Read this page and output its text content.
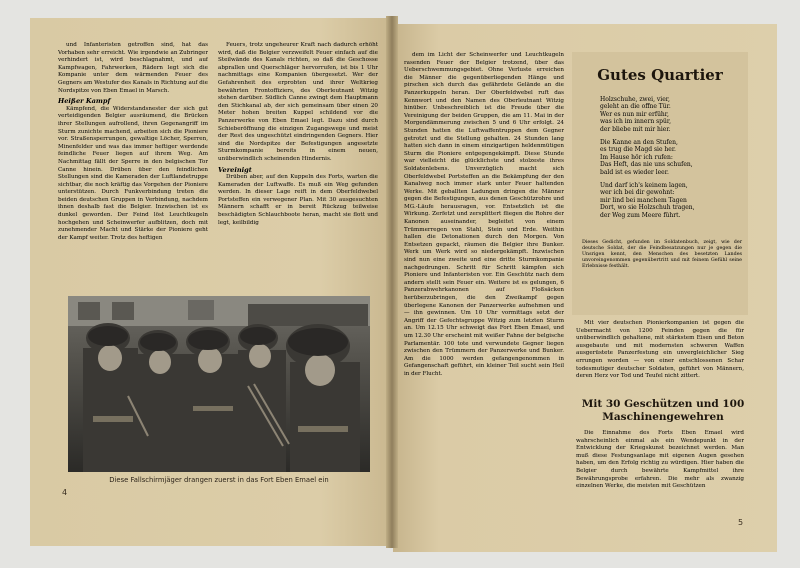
und Infanteristen getroffen sind, hat das Vorhaben sehr erreicht. Wie irgendwie an Zubringer verhindert ist, wird beschlagnahmt, und auf Kampfwagen, Fahrwerken, Rädern legt sich die Kompanie unter dem wärmenden Feuer des Gegners am Westufer des Kanals in Richtung auf die Nordspitze von Eben Emael in Marsch.

Heißer Kampf

Kämpfend, die Widerstandsnester der sich gut verteidigenden Belgier ausräumend, die Brücken ihrer Stellungen aufrollend, ihren Gegenangriff im Sturm zunichte machend, arbeiten sich die Pioniere vor. Straßensperrungen, gewaltige Löcher, Sperren, Minenfelder und was das immer heftiger werdende feindliche Feuer liegen auf ihrem Weg. Am Nachmittag fällt der Sperre in den belgischen Tor Canne hinein. Drüben über den feindlichen Stellungen sind die Kameraden der Luftlandetruppe sichtbar, die noch kräftig das Vorgehen der Pioniere unterstützen. Durch Funkverbindung treten die beiden deutschen Gruppen in Verbindung, nachdem ihnen deshalb fast die Belgier. Inzwischen ist es dunkel geworden. Der Feind löst Leuchtkugeln hochgehen und Scheinwerfer aufblitzen, doch mit zunehmender Macht und Stärke der Pioniere geht der Kampf weiter. Trotz des heftigen

Feuers, trotz ungeheurer Kraft nach dadurch erhöht wird, daß die Belgier verzweifelt Feuer einfach auf die Steilwände des Kanals richten, so daß die Geschosse abprallen und Querschläger hervorrufen, ist bis 1 Uhr nachmittags eine Kompanien übergesetzt. Wer der Gefahrenheit des erprobten und ihrer Weltkrieg bewährten Frontoffiziers, des Oberleutnant Witzig stehen darüber. Südlich Canne zwingt dem Hauptmann den Stichkanal ab, der sich gemeinsam über einen 20 Meter hohen breiten Kuppel schildend vor die Panzerwerke von Eben Emael legt. Dazu sind durch Schieberöffnung die einzigen Zugangswege und meist der Rest des ungeschützt eindringenden Gegners. Hier sind die Nordspitze der Befestigungen angesetzte Sturmkompanie bereits in einem neuen, unüberwindlich scheinenden Hindernis.

Vereinigt

Drüben aber, auf den Kuppeln des Forts, warten die Kameraden der Luftwaffe. Es muß ein Weg gefunden werden. In dieser Lage reift in dem Oberfeldwebel Portsteffen ein verwegener Plan. Mit 30 ausgesuchten Männern schafft er in bereit Rückzug teilweise beschädigten Schlauchboote heran, macht sie flott und legt, keilbildig

Diese Fallschirmjäger drangen zuerst in das Fort Eben Emael ein
4

dem im Licht der Scheinwerfer und Leuchtkugeln rasenden Feuer der Belgier trotzend, über das Ueberschwemmungsgebiet. Ohne Verluste erreichen die Männer die gegenüberliegenden Hänge und pirschen sich durch das gefährdete Gelände an die Panzerkuppeln heran. Der Oberfeldwebel ruft das Kennwort und den Namen des Oberleutnant Witzig hinüber. Unbeschreiblich ist die Freude über die Vereinigung der beiden Gruppen, die am 11. Mai in der Morgendämmerung zwischen 5 und 6 Uhr erfolgt. 24 Stunden hatten die Luftwaffentruppen dem Gegner getrotzt und die Stellung gehalten. 24 Stunden lang hatten sich dann in einem einzigartigen heldenmütigen Sturm die Pioniere entgegengekämpft. Diese Stunde war vielleicht die glücklichste und stolzeste ihres Soldatenlebens. Unverzüglich macht sich Oberfeldwebel Portsteffen an die Bekämpfung der den Kanalweg noch immer stark unter Feuer haltenden Werke. Mit geballten Ladungen dringen die Männer gegen die Befestigungen, aus denen Geschützrohre und MG.-Läufe herausragen, vor. Entsetzlich ist die Wirkung. Zerfetzt und zersplittert fliegen die Rohre der Kanonen auseinander, begleitet von einem Trümmerregen von Stahl, Stein und Erde. Weithin hallen die Detonationen durch den Morgen. Von Entsetzen gepackt, räumen die Belgier ihre Bunker. Werk um Werk wird so niedergekämpft. Inzwischen sind nun eine zweite und eine dritte Sturmkompanie nachgedrungen. Schritt für Schritt kämpfen sich Pioniere und Infanteristen vor. Ein Geschütz nach dem andern stellt sein Feuer ein. Weitere ist es gelungen, 6 Panzerabwehrkanonen auf Floßsäcken herüberzubringen, die den Zweikampf gegen überlegene Kanonen der Panzerwerke aufnehmen und — ihn gewinnen. Um 10 Uhr vormittags setzt der Angriff der Gefechtsgruppe Witzig zum letzten Sturm an. Um 12.15 Uhr schweigt das Fort Eben Emael, und um 12.30 Uhr erscheint mit weißer Fahne der belgische Parlamentär. 100 tote und verwundete Gegner liegen zwischen den Trümmern der Panzerwerke und Bunker. Am die 1000 werden gefangengenommen in Gefangenschaft geführt, ein kleiner Teil sucht sein Heil in der Flucht.

Gutes Quartier
Holzschuhe, zwei, vier,
geleht an die offne Tür.
Wer es nun mir erführ,
was ich im innern spür,
der bliebe mit mir hier.
Die Kanne an den Stufen,
es trug die Magd sie her.
Im Hause hör ich rufen:
Das Heft, das nie uns schufen,
bald ist es wieder leer.
Und darf ich's keinem lagen,
wer ich bei dir gewohnt:
mir lind bei manchem Tagen
Dort, wo sie Holzschuh tragen,
der Weg zum Meere führt.
Dieses Gedicht, gefunden im Soldatenbuch, zeigt, wie der deutsche Soldat, der die Feindbesatzungen nur je gegen die Unsrigen kennt, den Menschen des besetzten Landes unvoreingenommen gegenübertritt und mit feinem Gefühl seine Erlebnisse festhält.

Mit vier deutschen Pionierkompanien ist gegen die Uebermacht von 1200 Feinden gegen die für unüberwindlich gehaltene, mit stärkstem Eisen und Beton ausgebaute und mit modernsten schweren Waffen ausgerüstete Panzerfestung ein unvergleichlicher Sieg errungen worden — von einer entschlossenen Schar todesmutiger deutscher Soldaten, geführt von Männern, deren Herz vor Tod und Teufel nicht zittert.

Mit 30 Geschützen und 100 Maschinengewehren

Die Einnahme des Forts Eben Emael wird wahrscheinlich einmal als ein Wendepunkt in der Entwicklung der Kriegskunst bezeichnet werden. Man muß diese Festungsanlage mit eigenen Augen gesehen haben, um den Erfolg richtig zu würdigen. Hier haben die Belgier durch bewährte Kampfmittel ihre Bewährungsprobe erfahren. Die mehr als zwanzig einzelnen Werke, die meisten mit Geschützen

5
